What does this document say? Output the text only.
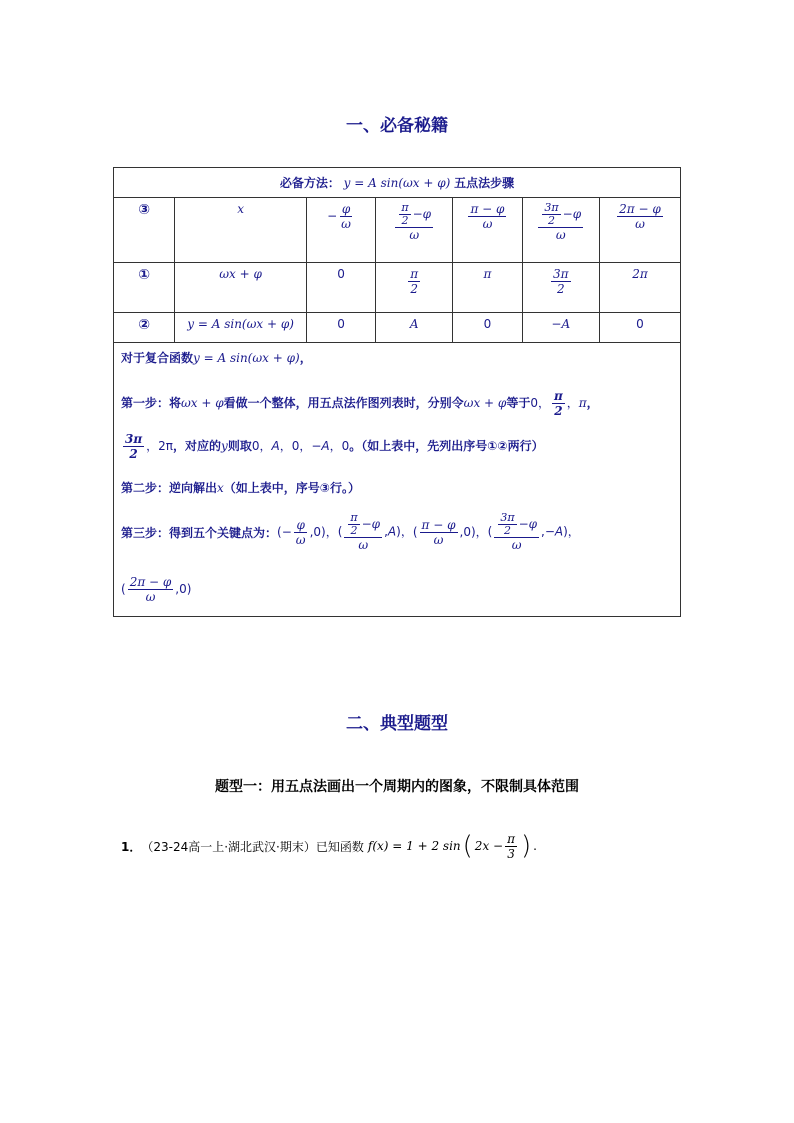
一、必备秘籍
必备方法： y = A sin(ωx + φ) 五点法步骤						
③	x	− $\frac{\varphi}{\omega}$	$\frac{\frac{\pi}{2} -\varphi}{\omega}$	$\frac{\pi - \varphi}{\omega}$	$\frac{\frac{3\pi}{2} -\varphi}{\omega}$	$\frac{2\pi - \varphi}{\omega}$

①	ωx + φ	0	$\frac{\pi}{2}$	π	$\frac{3\pi}{2}$	2π
②	y = A sin(ωx + φ)	0	A	0	−A	0

对于复合函数y = A sin(ωx + φ)，
第一步：将ωx + φ看做一个整体，用五点法作图列表时，分别令ωx + φ等于0， $\frac{\pi}{2}$ ，π，
$\frac{3\pi}{2}$ ，2π，对应的y则取0，A，0，−A，0。（如上表中，先列出序号①②两行）
第二步：逆向解出x（如上表中，序号③行。）
第三步：得到五个关键点为： (− $\frac{\varphi}{\omega} ,0$)， ( $\frac{\frac{\pi}{2} -\varphi}{\omega} ,A$)， ( $\frac{\pi - \varphi}{\omega} ,0$)， ( $\frac{\frac{3\pi}{2} -\varphi}{\omega} ,-A$)，
( $\frac{2\pi - \varphi}{\omega} ,0$)
二、典型题型
题型一：用五点法画出一个周期内的图象，不限制具体范围
1． （23-24高一上·湖北武汉·期末）已知函数 f(x) = 1 + 2 sin ( $2x - \frac{\pi}{3}$ ) .
